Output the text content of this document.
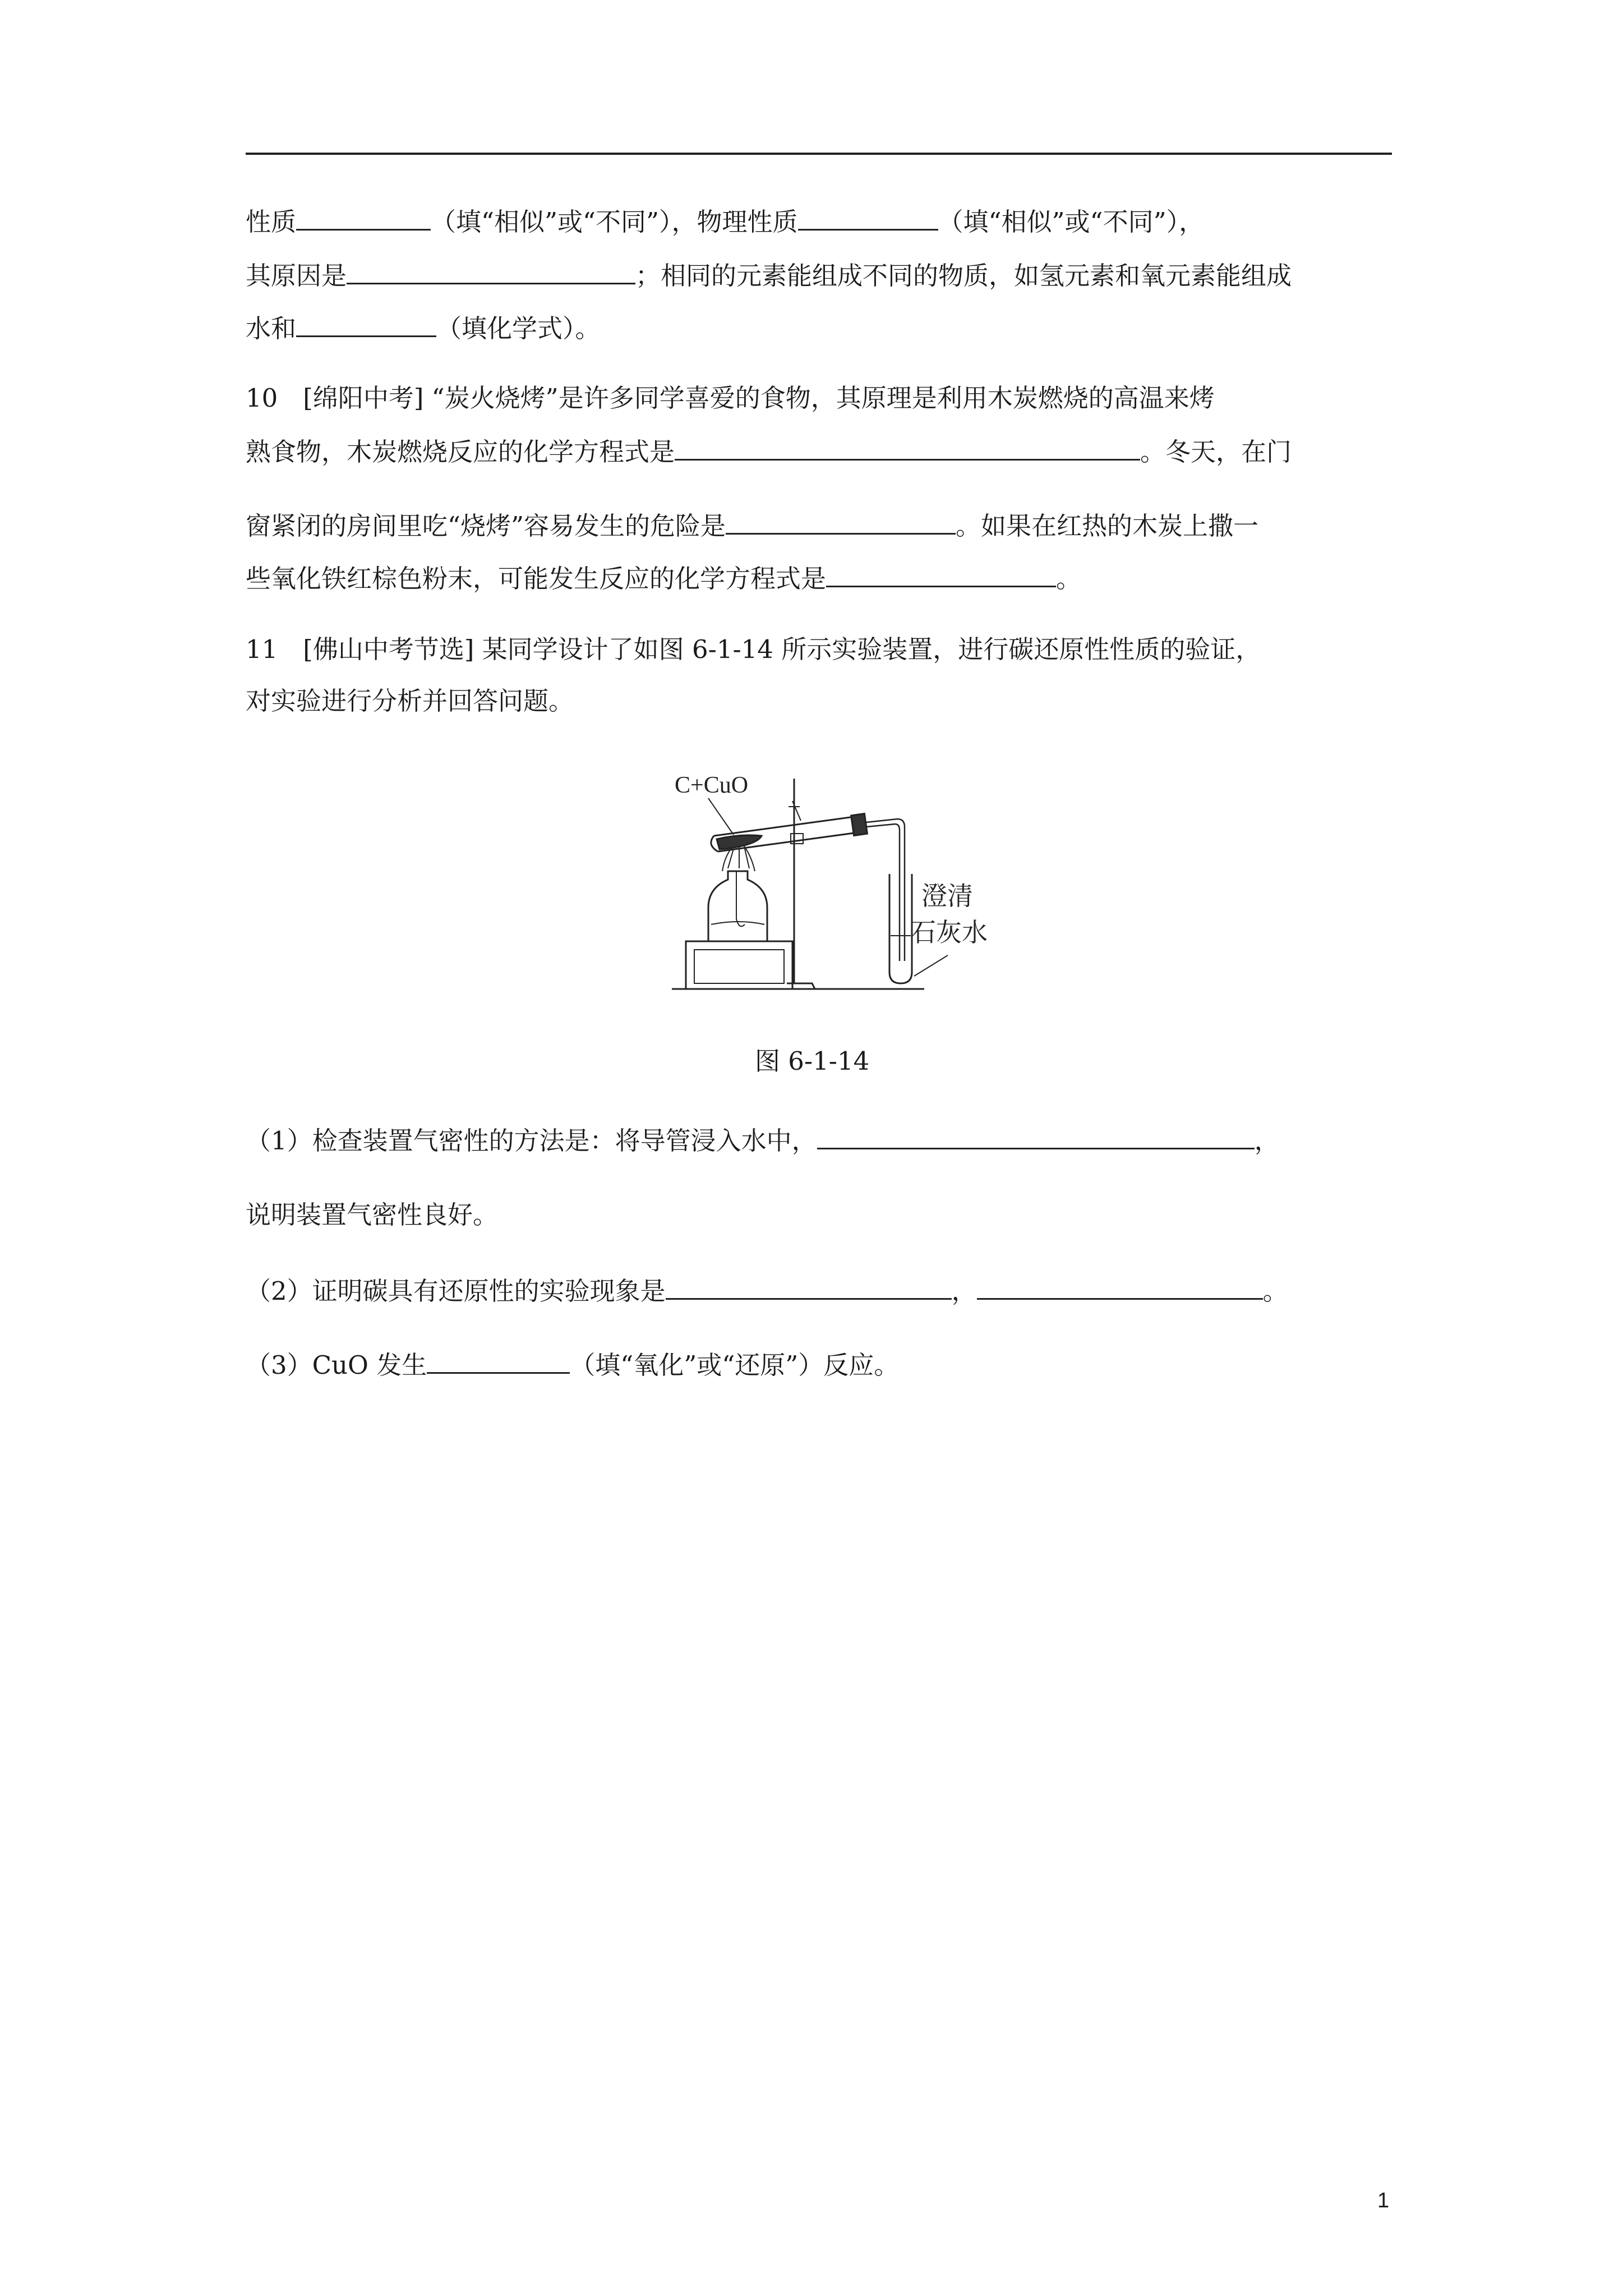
性质	（填“相似”或“不同”），物理性质	（填“相似”或“不同”），
其原因是	；相同的元素能组成不同的物质，如氢元素和氧元素能组成
水和	（填化学式）。
10　[绵阳中考] “炭火烧烤”是许多同学喜爱的食物，其原理是利用木炭燃烧的高温来烤
熟食物，木炭燃烧反应的化学方程式是	。冬天，在门
窗紧闭的房间里吃“烧烤”容易发生的危险是	。如果在红热的木炭上撒一
些氧化铁红棕色粉末，可能发生反应的化学方程式是	。
11　[佛山中考节选] 某同学设计了如图 6-1-14 所示实验装置，进行碳还原性性质的验证，
对实验进行分析并回答问题。
C+CuO
澄清
石灰水
图 6-1-14
（1）检查装置气密性的方法是：将导管浸入水中，	，
说明装置气密性良好。
（2）证明碳具有还原性的实验现象是	，	。
（3）CuO 发生	（填“氧化”或“还原”）反应。
1
